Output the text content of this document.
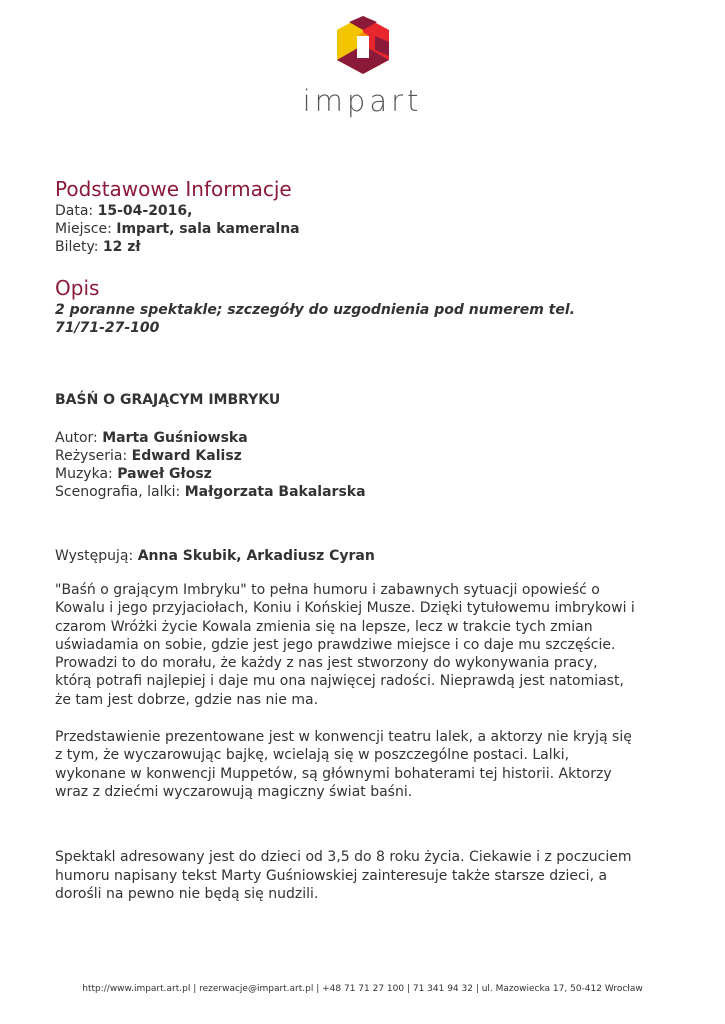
impart
Podstawowe Informacje

Data: 15-04-2016,

Miejsce: Impart, sala kameralna

Bilety: 12 zł

Opis

2 poranne spektakle; szczegóły do uzgodnienia pod numerem tel.

71/71-27-100

BAŚŃ O GRAJĄCYM IMBRYKU

Autor: Marta Guśniowska

Reżyseria: Edward Kalisz

Muzyka: Paweł Głosz

Scenografia, lalki: Małgorzata Bakalarska

Występują: Anna Skubik, Arkadiusz Cyran

"Baśń o grającym Imbryku" to pełna humoru i zabawnych sytuacji opowieść o

Kowalu i jego przyjaciołach, Koniu i Końskiej Musze. Dzięki tytułowemu imbrykowi i

czarom Wróżki życie Kowala zmienia się na lepsze, lecz w trakcie tych zmian

uświadamia on sobie, gdzie jest jego prawdziwe miejsce i co daje mu szczęście.

Prowadzi to do morału, że każdy z nas jest stworzony do wykonywania pracy,

którą potrafi najlepiej i daje mu ona najwięcej radości. Nieprawdą jest natomiast,

że tam jest dobrze, gdzie nas nie ma.

Przedstawienie prezentowane jest w konwencji teatru lalek, a aktorzy nie kryją się

z tym, że wyczarowując bajkę, wcielają się w poszczególne postaci. Lalki,

wykonane w konwencji Muppetów, są głównymi bohaterami tej historii. Aktorzy

wraz z dziećmi wyczarowują magiczny świat baśni.

Spektakl adresowany jest do dzieci od 3,5 do 8 roku życia. Ciekawie i z poczuciem

humoru napisany tekst Marty Guśniowskiej zainteresuje także starsze dzieci, a

dorośli na pewno nie będą się nudzili.

http://www.impart.art.pl | rezerwacje@impart.art.pl | +48 71 71 27 100 | 71 341 94 32 | ul. Mazowiecka 17, 50-412 Wrocław
